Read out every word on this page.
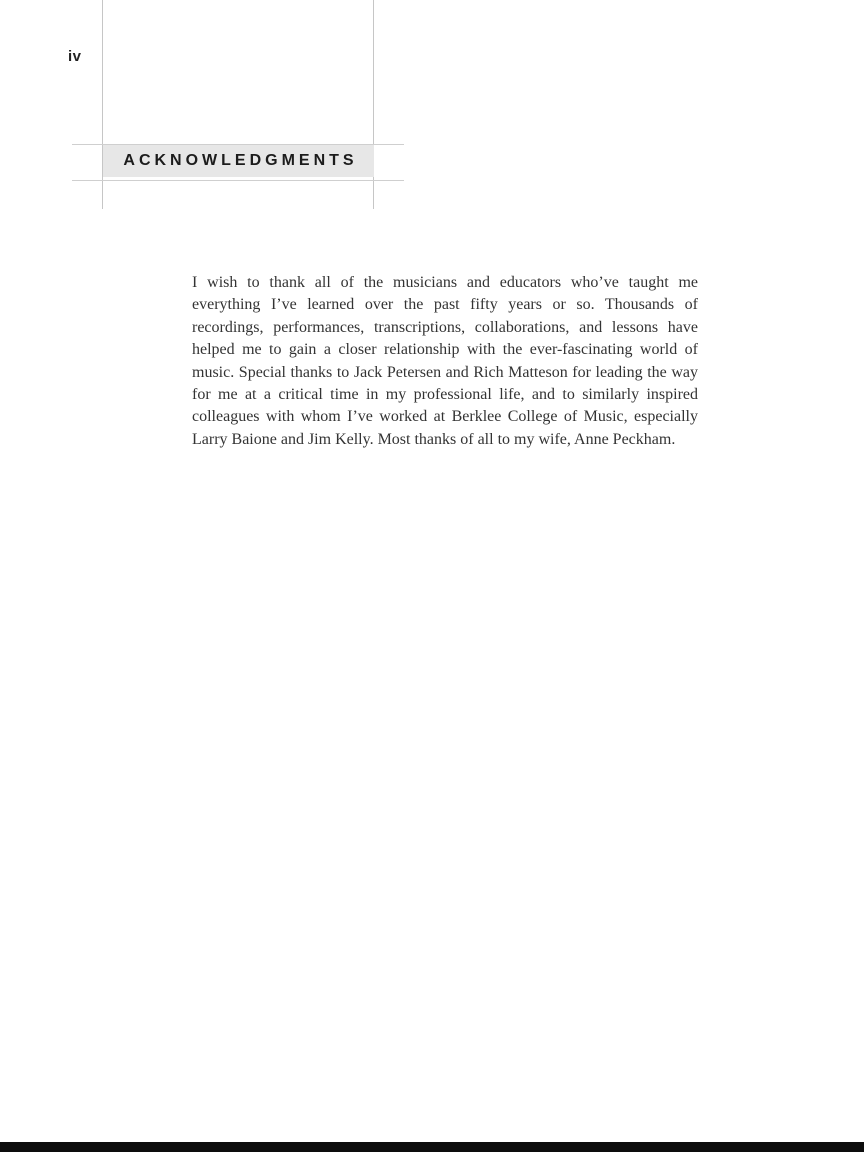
iv
ACKNOWLEDGMENTS

I wish to thank all of the musicians and educators who’ve taught me everything I’ve learned over the past fifty years or so. Thousands of recordings, performances, transcriptions, collaborations, and lessons have helped me to gain a closer relationship with the ever-fascinating world of music. Special thanks to Jack Petersen and Rich Matteson for leading the way for me at a critical time in my professional life, and to similarly inspired colleagues with whom I’ve worked at Berklee College of Music, especially Larry Baione and Jim Kelly. Most thanks of all to my wife, Anne Peckham.
